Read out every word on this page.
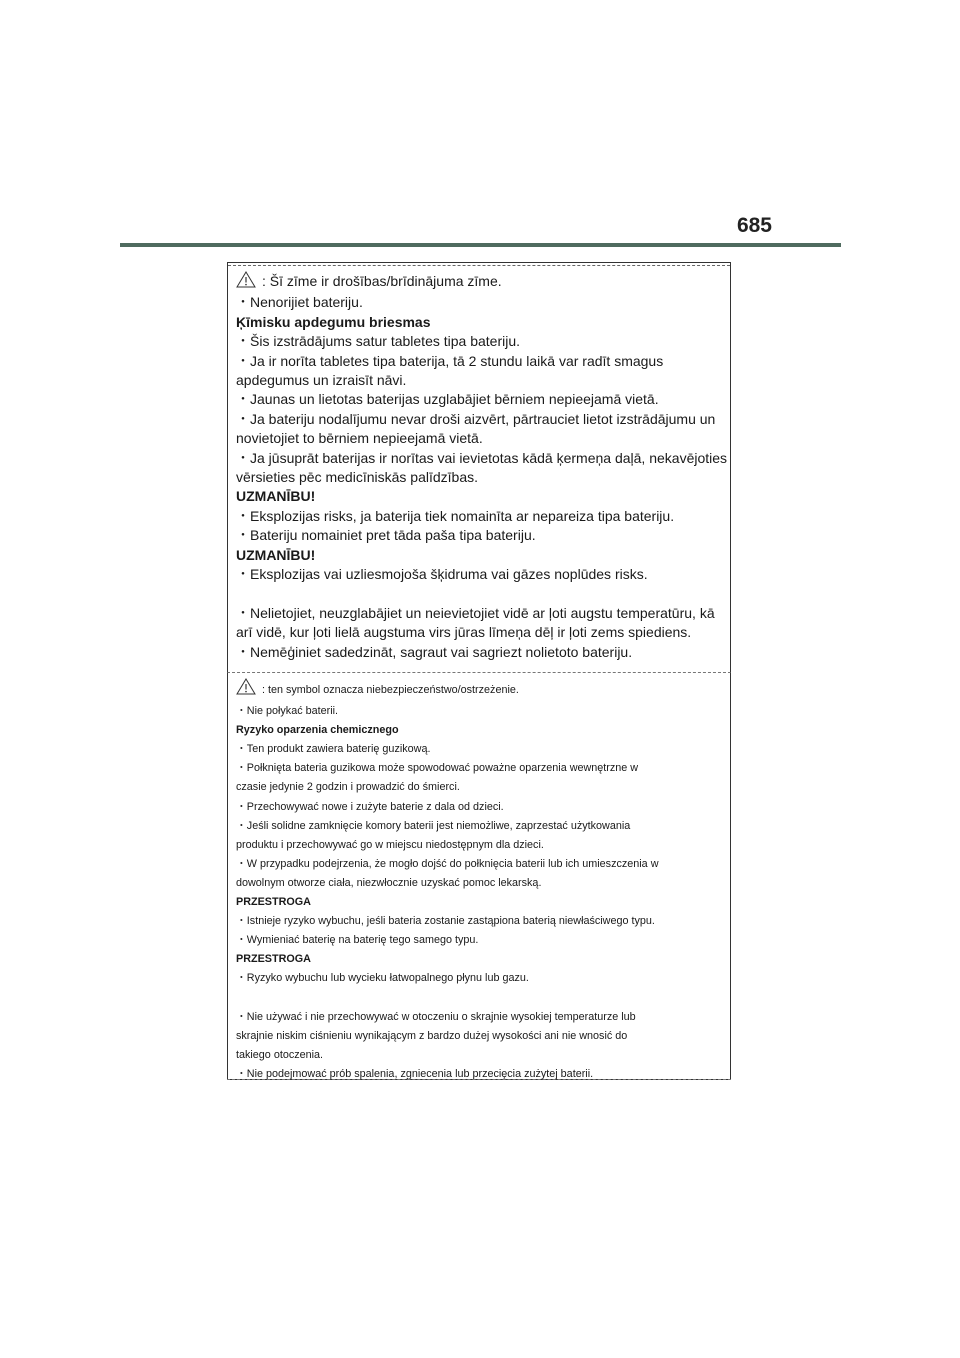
685
: Šī zīme ir drošības/brīdinājuma zīme.
・Nenorijiet bateriju.
Ķīmisku apdegumu briesmas
・Šis izstrādājums satur tabletes tipa bateriju.
・Ja ir norīta tabletes tipa baterija, tā 2 stundu laikā var radīt smagus
apdegumus un izraisīt nāvi.
・Jaunas un lietotas baterijas uzglabājiet bērniem nepieejamā vietā.
・Ja bateriju nodalījumu nevar droši aizvērt, pārtrauciet lietot izstrādājumu un
novietojiet to bērniem nepieejamā vietā.
・Ja jūsuprāt baterijas ir norītas vai ievietotas kādā ķermeņa daļā, nekavējoties
vērsieties pēc medicīniskās palīdzības.
UZMANĪBU!
・Eksplozijas risks, ja baterija tiek nomainīta ar nepareiza tipa bateriju.
・Bateriju nomainiet pret tāda paša tipa bateriju.
UZMANĪBU!
・Eksplozijas vai uzliesmojoša šķidruma vai gāzes noplūdes risks.
・Nelietojiet, neuzglabājiet un neievietojiet vidē ar ļoti augstu temperatūru, kā
arī vidē, kur ļoti lielā augstuma virs jūras līmeņa dēļ ir ļoti zems spiediens.
・Nemēģiniet sadedzināt, sagraut vai sagriezt nolietoto bateriju.
: ten symbol oznacza niebezpieczeństwo/ostrzeżenie.
・Nie połykać baterii.
Ryzyko oparzenia chemicznego
・Ten produkt zawiera baterię guzikową.
・Połknięta bateria guzikowa może spowodować poważne oparzenia wewnętrzne w
czasie jedynie 2 godzin i prowadzić do śmierci.
・Przechowywać nowe i zużyte baterie z dala od dzieci.
・Jeśli solidne zamknięcie komory baterii jest niemożliwe, zaprzestać użytkowania
produktu i przechowywać go w miejscu niedostępnym dla dzieci.
・W przypadku podejrzenia, że mogło dojść do połknięcia baterii lub ich umieszczenia w
dowolnym otworze ciała, niezwłocznie uzyskać pomoc lekarską.
PRZESTROGA
・Istnieje ryzyko wybuchu, jeśli bateria zostanie zastąpiona baterią niewłaściwego typu.
・Wymieniać baterię na baterię tego samego typu.
PRZESTROGA
・Ryzyko wybuchu lub wycieku łatwopalnego płynu lub gazu.
・Nie używać i nie przechowywać w otoczeniu o skrajnie wysokiej temperaturze lub
skrajnie niskim ciśnieniu wynikającym z bardzo dużej wysokości ani nie wnosić do
takiego otoczenia.
・Nie podejmować prób spalenia, zgniecenia lub przecięcia zużytej baterii.
